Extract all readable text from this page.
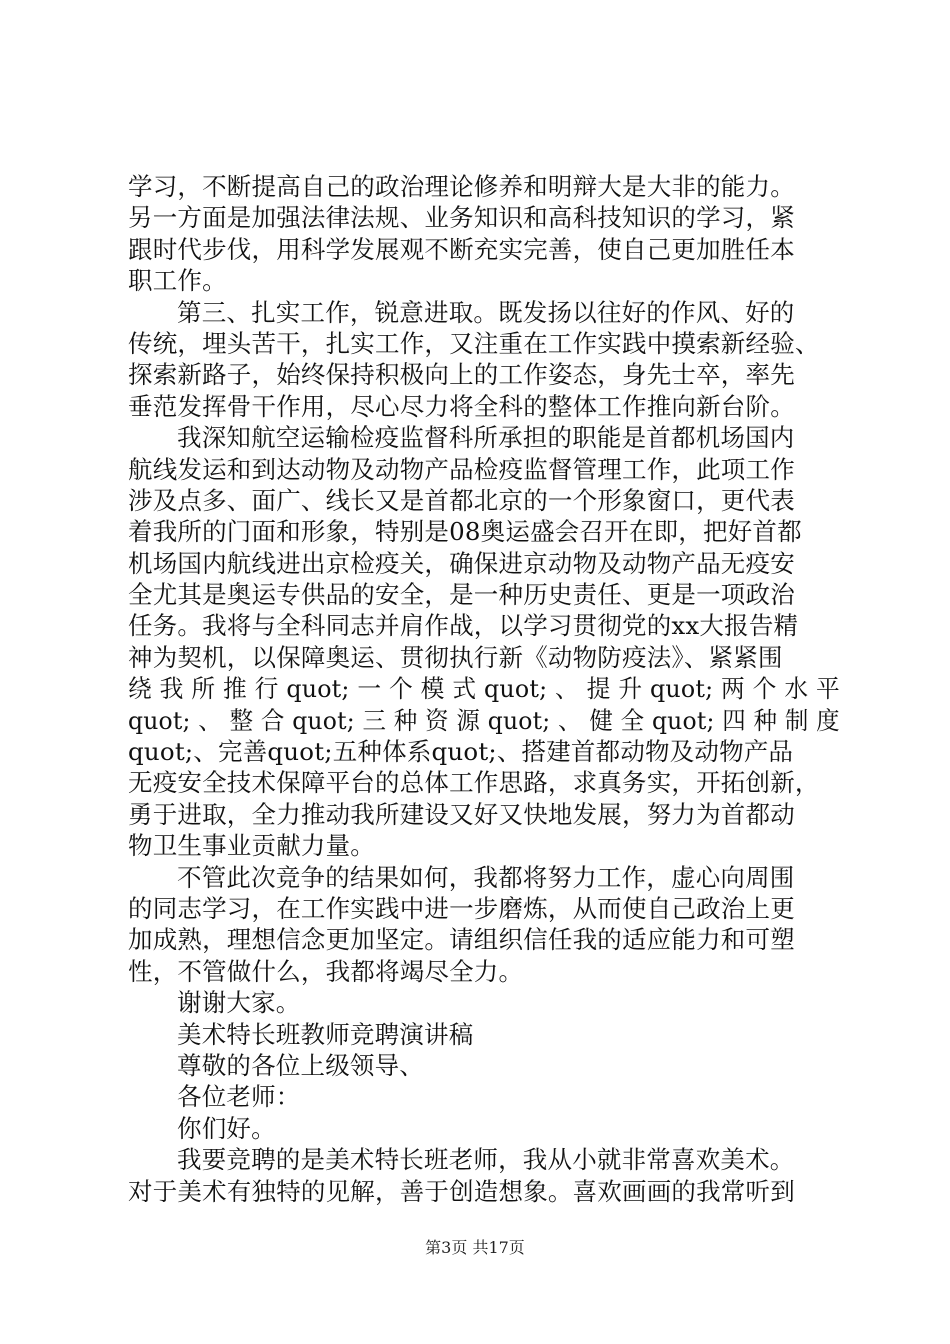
学习，不断提高自己的政治理论修养和明辩大是大非的能力。
另一方面是加强法律法规、业务知识和高科技知识的学习，紧
跟时代步伐，用科学发展观不断充实完善，使自己更加胜任本
职工作。
第三、扎实工作，锐意进取。既发扬以往好的作风、好的
传统，埋头苦干，扎实工作，又注重在工作实践中摸索新经验、
探索新路子，始终保持积极向上的工作姿态，身先士卒，率先
垂范发挥骨干作用，尽心尽力将全科的整体工作推向新台阶。
我深知航空运输检疫监督科所承担的职能是首都机场国内
航线发运和到达动物及动物产品检疫监督管理工作，此项工作
涉及点多、面广、线长又是首都北京的一个形象窗口，更代表
着我所的门面和形象，特别是08奥运盛会召开在即，把好首都
机场国内航线进出京检疫关，确保进京动物及动物产品无疫安
全尤其是奥运专供品的安全，是一种历史责任、更是一项政治
任务。我将与全科同志并肩作战，以学习贯彻党的xx大报告精
神为契机，以保障奥运、贯彻执行新《动物防疫法》、紧紧围
绕 我 所 推 行 quot; 一 个 模 式 quot; 、 提 升 quot; 两 个 水 平
quot; 、 整 合 quot; 三 种 资 源 quot; 、 健 全 quot; 四 种 制 度
quot;、完善quot;五种体系quot;、搭建首都动物及动物产品
无疫安全技术保障平台的总体工作思路，求真务实，开拓创新，
勇于进取，全力推动我所建设又好又快地发展，努力为首都动
物卫生事业贡献力量。
不管此次竞争的结果如何，我都将努力工作，虚心向周围
的同志学习，在工作实践中进一步磨炼，从而使自己政治上更
加成熟，理想信念更加坚定。请组织信任我的适应能力和可塑
性，不管做什么，我都将竭尽全力。
谢谢大家。
美术特长班教师竞聘演讲稿
尊敬的各位上级领导、
各位老师：
你们好。
我要竞聘的是美术特长班老师，我从小就非常喜欢美术。
对于美术有独特的见解，善于创造想象。喜欢画画的我常听到
第3页 共17页
